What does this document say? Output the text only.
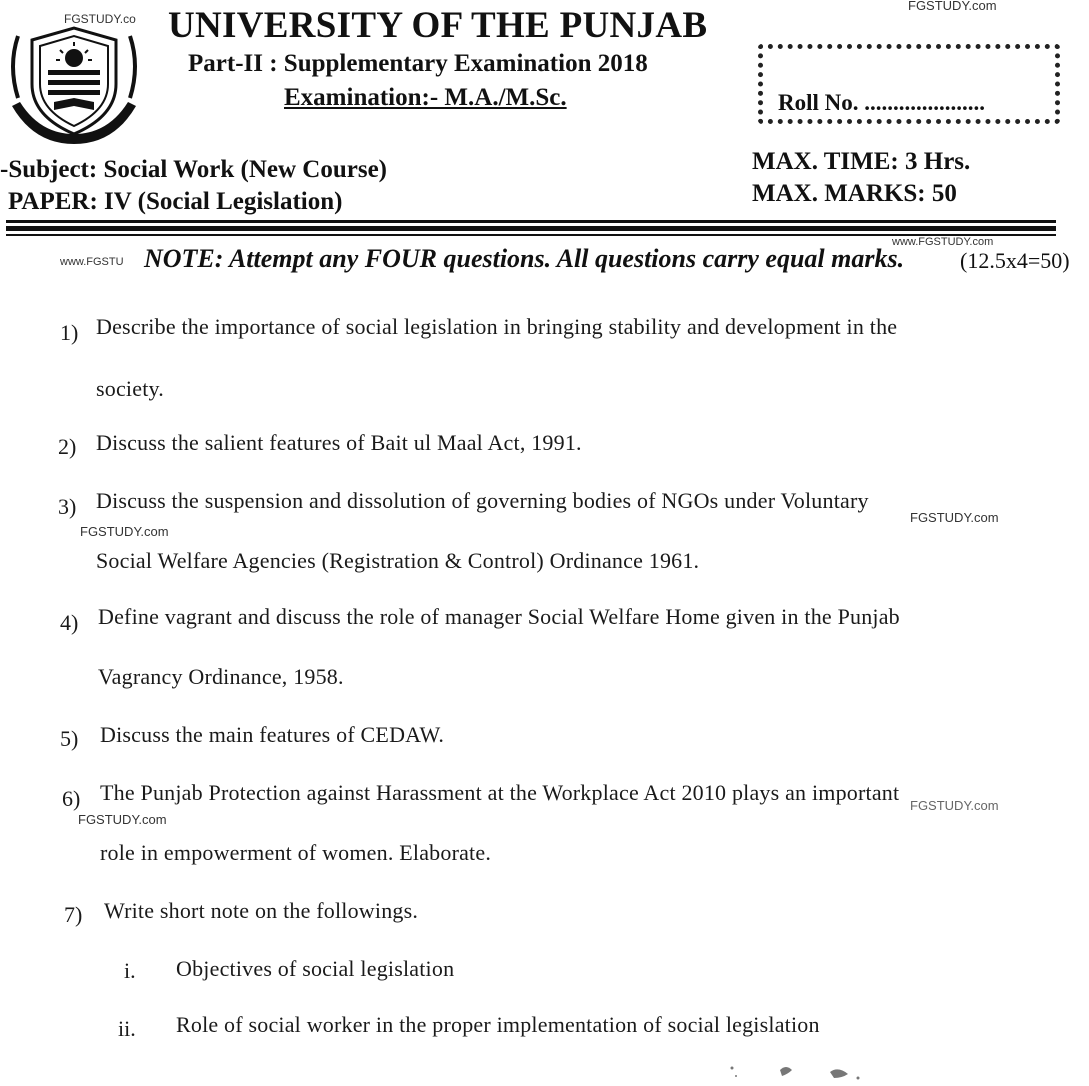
FGSTUDY.com
FGSTUDY.co
www.FGSTU
www.FGSTUDY.com
FGSTUDY.com
FGSTUDY.com
FGSTUDY.com
FGSTUDY.com
UNIVERSITY OF THE PUNJAB
Part-II : Supplementary Examination 2018
Examination:- M.A./M.Sc.	Roll No. .....................
-Subject: Social Work (New Course)
PAPER: IV (Social Legislation)
MAX. TIME: 3 Hrs.
MAX. MARKS: 50
NOTE: Attempt any FOUR questions. All questions carry equal marks.	(12.5x4=50)
1) Describe the importance of social legislation in bringing stability and development in the
society.
2) Discuss the salient features of Bait ul Maal Act, 1991.
3) Discuss the suspension and dissolution of governing bodies of NGOs under Voluntary
Social Welfare Agencies (Registration & Control) Ordinance 1961.
4) Define vagrant and discuss the role of manager Social Welfare Home given in the Punjab
Vagrancy Ordinance, 1958.
5) Discuss the main features of CEDAW.
6) The Punjab Protection against Harassment at the Workplace Act 2010 plays an important
role in empowerment of women. Elaborate.
7) Write short note on the followings.
i. Objectives of social legislation
ii. Role of social worker in the proper implementation of social legislation
